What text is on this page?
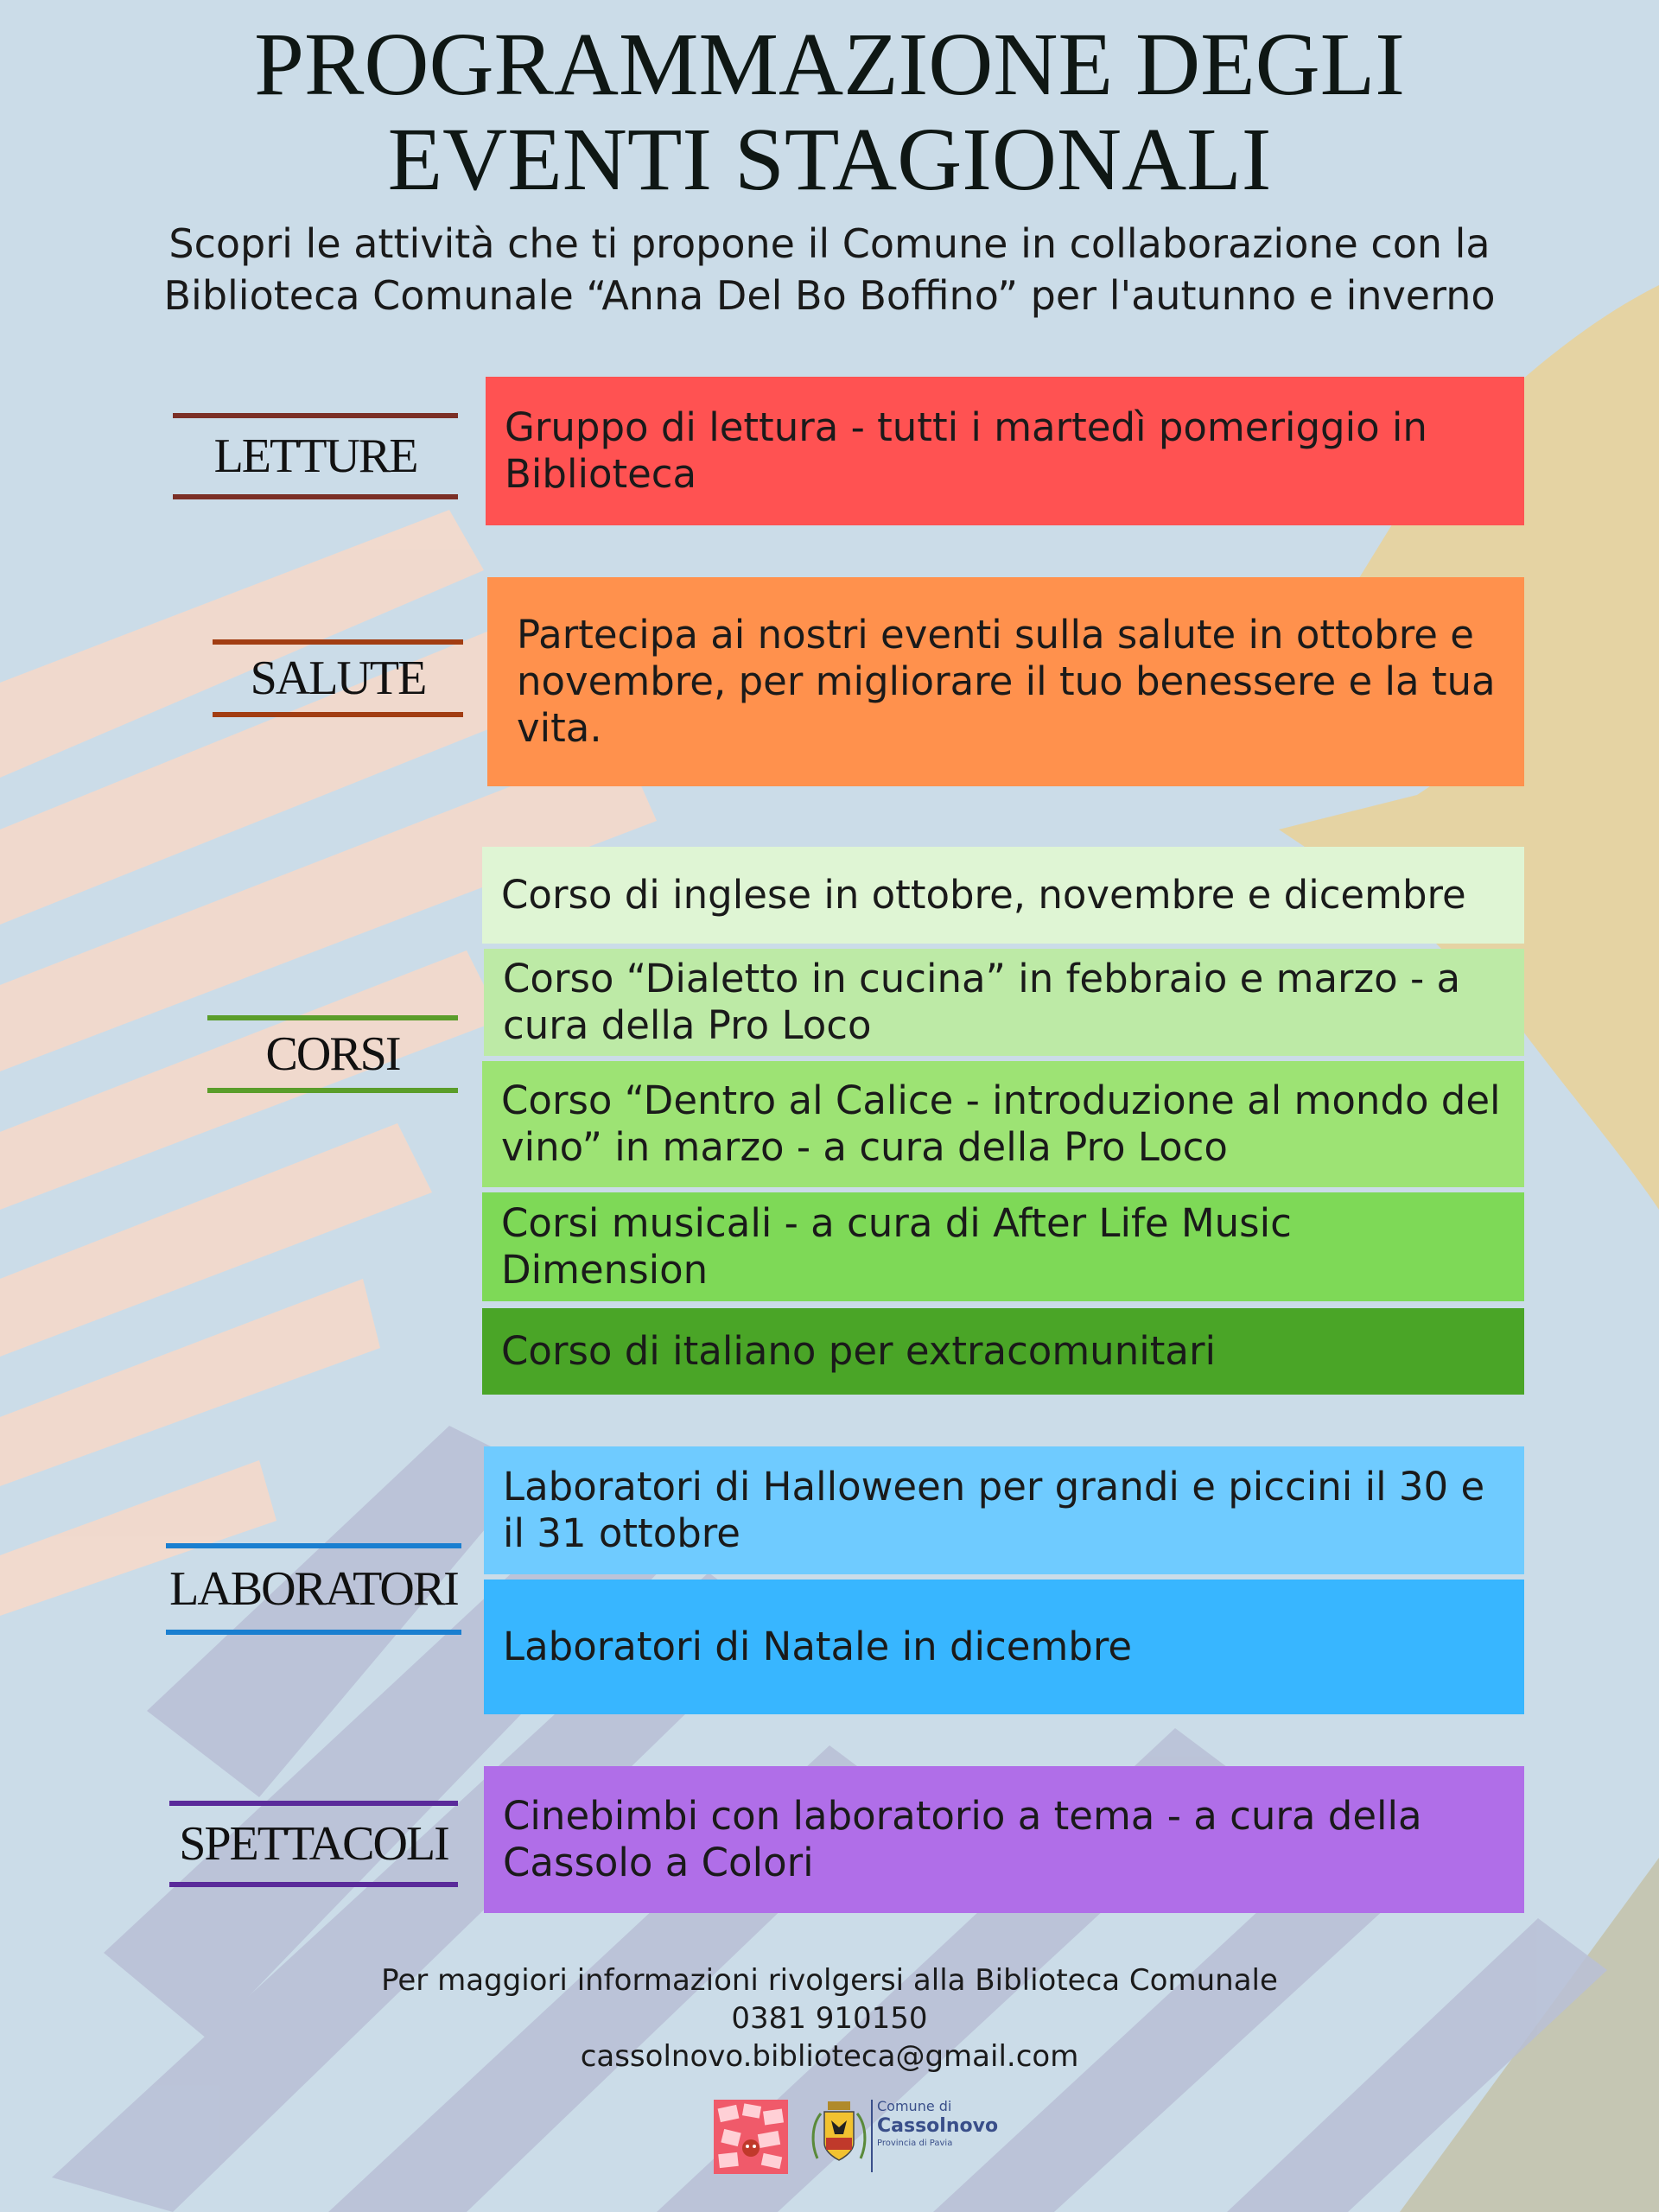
PROGRAMMAZIONE DEGLI
EVENTI STAGIONALI
Scopri le attività che ti propone il Comune in collaborazione con la
Biblioteca Comunale “Anna Del Bo Boffino” per l'autunno e inverno
LETTURE
Gruppo di lettura - tutti i martedì pomeriggio in Biblioteca
SALUTE
Partecipa ai nostri eventi sulla salute in ottobre e novembre, per migliorare il tuo benessere e la tua vita.
CORSI
Corso di inglese in ottobre, novembre e dicembre
Corso “Dialetto in cucina” in febbraio e marzo - a cura della Pro Loco
Corso “Dentro al Calice - introduzione al mondo del vino” in marzo - a cura della Pro Loco
Corsi musicali - a cura di After Life Music Dimension
Corso di italiano per extracomunitari
LABORATORI
Laboratori di Halloween per grandi e piccini il 30 e il 31 ottobre
Laboratori di Natale in dicembre
SPETTACOLI
Cinebimbi con laboratorio a tema - a cura della Cassolo a Colori
Per maggiori informazioni rivolgersi alla Biblioteca Comunale
0381 910150
cassolnovo.biblioteca@gmail.com
Comune di
Cassolnovo
Provincia di Pavia
